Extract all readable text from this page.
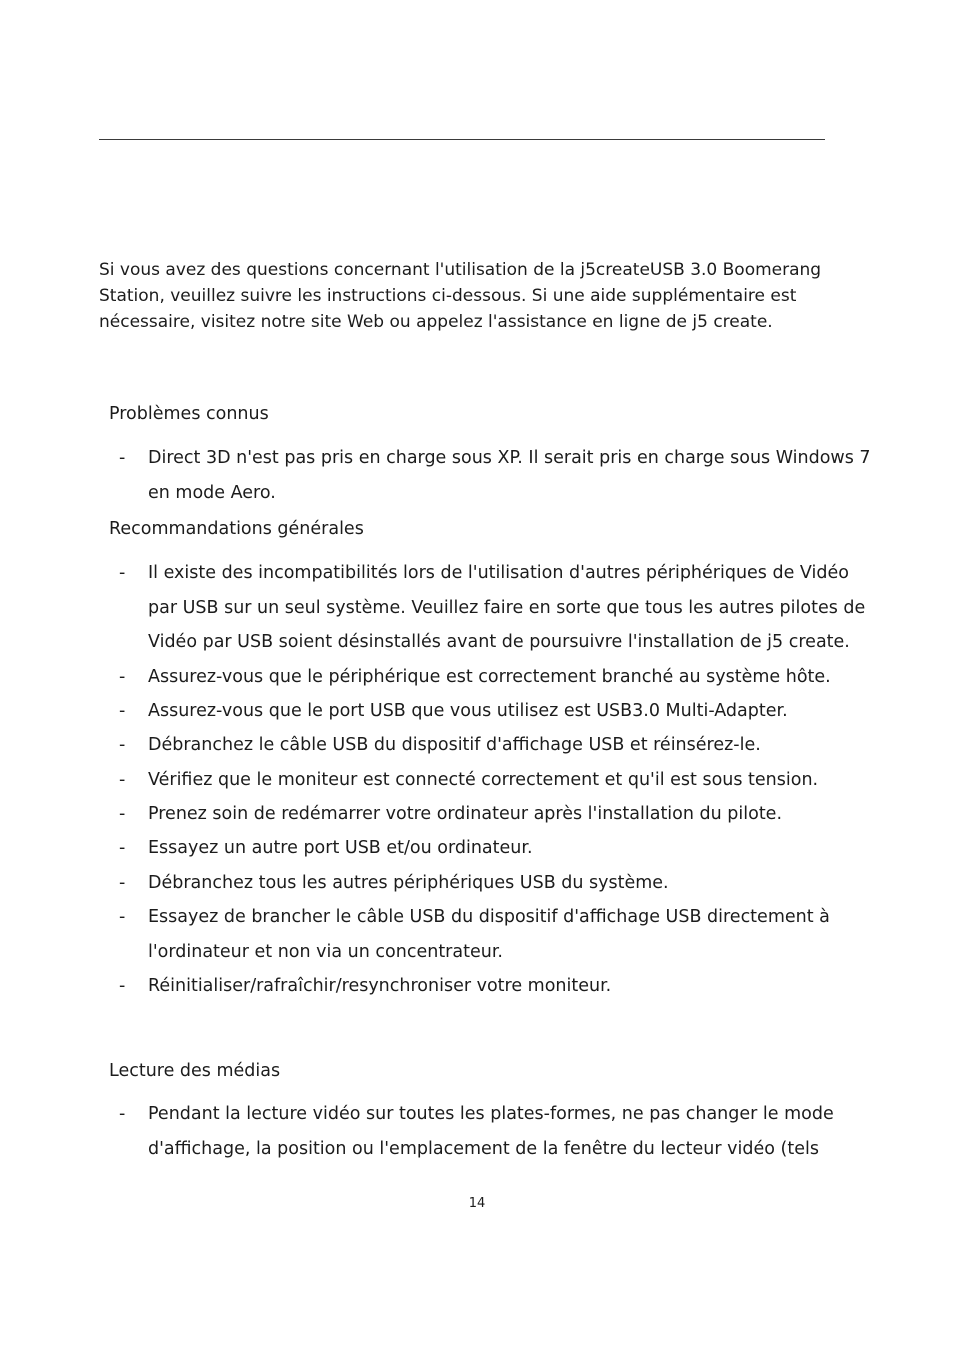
Si vous avez des questions concernant l'utilisation de la j5createUSB 3.0 Boomerang Station, veuillez suivre les instructions ci-dessous. Si une aide supplémentaire est nécessaire, visitez notre site Web ou appelez l'assistance en ligne de j5 create.

Problèmes connus

-	Direct 3D n'est pas pris en charge sous XP. Il serait pris en charge sous Windows 7 en mode Aero.

Recommandations générales

-	Il existe des incompatibilités lors de l'utilisation d'autres périphériques de Vidéo par USB sur un seul système. Veuillez faire en sorte que tous les autres pilotes de Vidéo par USB soient désinstallés avant de poursuivre l'installation de j5 create.
-	Assurez-vous que le périphérique est correctement branché au système hôte.
-	Assurez-vous que le port USB que vous utilisez est USB3.0 Multi-Adapter.
-	Débranchez le câble USB du dispositif d'affichage USB et réinsérez-le.
-	Vérifiez que le moniteur est connecté correctement et qu'il est sous tension.
-	Prenez soin de redémarrer votre ordinateur après l'installation du pilote.
-	Essayez un autre port USB et/ou ordinateur.
-	Débranchez tous les autres périphériques USB du système.
-	Essayez de brancher le câble USB du dispositif d'affichage USB directement à l'ordinateur et non via un concentrateur.
-	Réinitialiser/rafraîchir/resynchroniser votre moniteur.

Lecture des médias

-	Pendant la lecture vidéo sur toutes les plates-formes, ne pas changer le mode d'affichage, la position ou l'emplacement de la fenêtre du lecteur vidéo (tels
14
